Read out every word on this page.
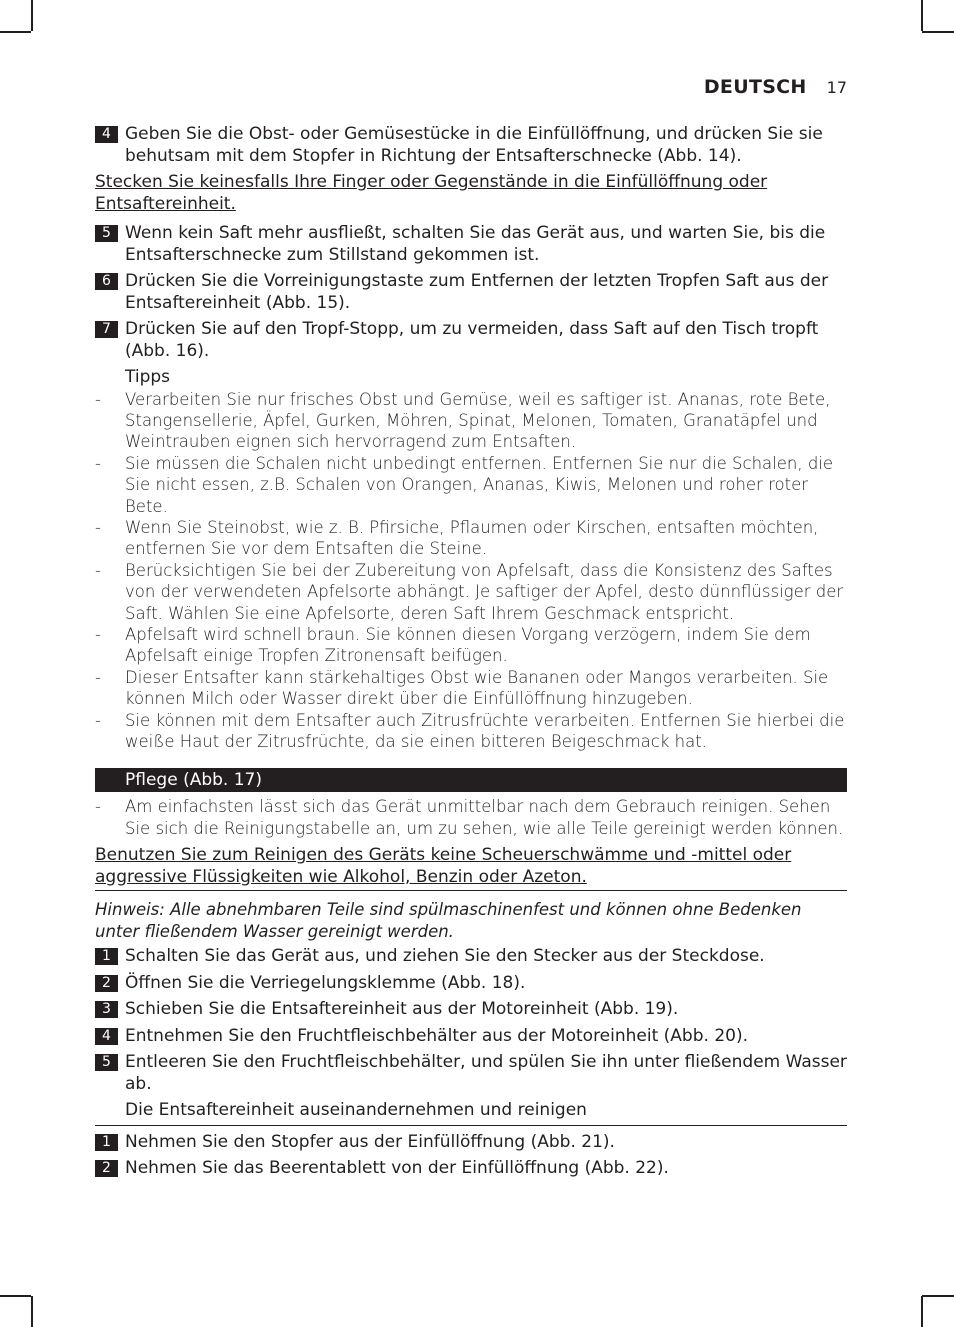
DEUTSCH 17
4 Geben Sie die Obst- oder Gemüsestücke in die Einfüllöffnung, und drücken Sie sie behutsam mit dem Stopfer in Richtung der Entsafterschnecke (Abb. 14).
Stecken Sie keinesfalls Ihre Finger oder Gegenstände in die Einfüllöffnung oder Entsaftereinheit.
5 Wenn kein Saft mehr ausfließt, schalten Sie das Gerät aus, und warten Sie, bis die Entsafterschnecke zum Stillstand gekommen ist.
6 Drücken Sie die Vorreinigungstaste zum Entfernen der letzten Tropfen Saft aus der Entsaftereinheit (Abb. 15).
7 Drücken Sie auf den Tropf-Stopp, um zu vermeiden, dass Saft auf den Tisch tropft (Abb. 16).
Tipps
- Verarbeiten Sie nur frisches Obst und Gemüse, weil es saftiger ist. Ananas, rote Bete, Stangensellerie, Äpfel, Gurken, Möhren, Spinat, Melonen, Tomaten, Granatäpfel und Weintrauben eignen sich hervorragend zum Entsaften.
- Sie müssen die Schalen nicht unbedingt entfernen. Entfernen Sie nur die Schalen, die Sie nicht essen, z.B. Schalen von Orangen, Ananas, Kiwis, Melonen und roher roter Bete.
- Wenn Sie Steinobst, wie z. B. Pfirsiche, Pflaumen oder Kirschen, entsaften möchten, entfernen Sie vor dem Entsaften die Steine.
- Berücksichtigen Sie bei der Zubereitung von Apfelsaft, dass die Konsistenz des Saftes von der verwendeten Apfelsorte abhängt. Je saftiger der Apfel, desto dünnflüssiger der Saft. Wählen Sie eine Apfelsorte, deren Saft Ihrem Geschmack entspricht.
- Apfelsaft wird schnell braun. Sie können diesen Vorgang verzögern, indem Sie dem Apfelsaft einige Tropfen Zitronensaft beifügen.
- Dieser Entsafter kann stärkehaltiges Obst wie Bananen oder Mangos verarbeiten. Sie können Milch oder Wasser direkt über die Einfüllöffnung hinzugeben.
- Sie können mit dem Entsafter auch Zitrusfrüchte verarbeiten. Entfernen Sie hierbei die weiße Haut der Zitrusfrüchte, da sie einen bitteren Beigeschmack hat.
Pflege (Abb. 17)
- Am einfachsten lässt sich das Gerät unmittelbar nach dem Gebrauch reinigen. Sehen Sie sich die Reinigungstabelle an, um zu sehen, wie alle Teile gereinigt werden können.
Benutzen Sie zum Reinigen des Geräts keine Scheuerschwämme und -mittel oder aggressive Flüssigkeiten wie Alkohol, Benzin oder Azeton.
Hinweis: Alle abnehmbaren Teile sind spülmaschinenfest und können ohne Bedenken unter fließendem Wasser gereinigt werden.
1 Schalten Sie das Gerät aus, und ziehen Sie den Stecker aus der Steckdose.
2 Öffnen Sie die Verriegelungsklemme (Abb. 18).
3 Schieben Sie die Entsaftereinheit aus der Motoreinheit (Abb. 19).
4 Entnehmen Sie den Fruchtfleischbehälter aus der Motoreinheit (Abb. 20).
5 Entleeren Sie den Fruchtfleischbehälter, und spülen Sie ihn unter fließendem Wasser ab.
Die Entsaftereinheit auseinandernehmen und reinigen
1 Nehmen Sie den Stopfer aus der Einfüllöffnung (Abb. 21).
2 Nehmen Sie das Beerentablett von der Einfüllöffnung (Abb. 22).
